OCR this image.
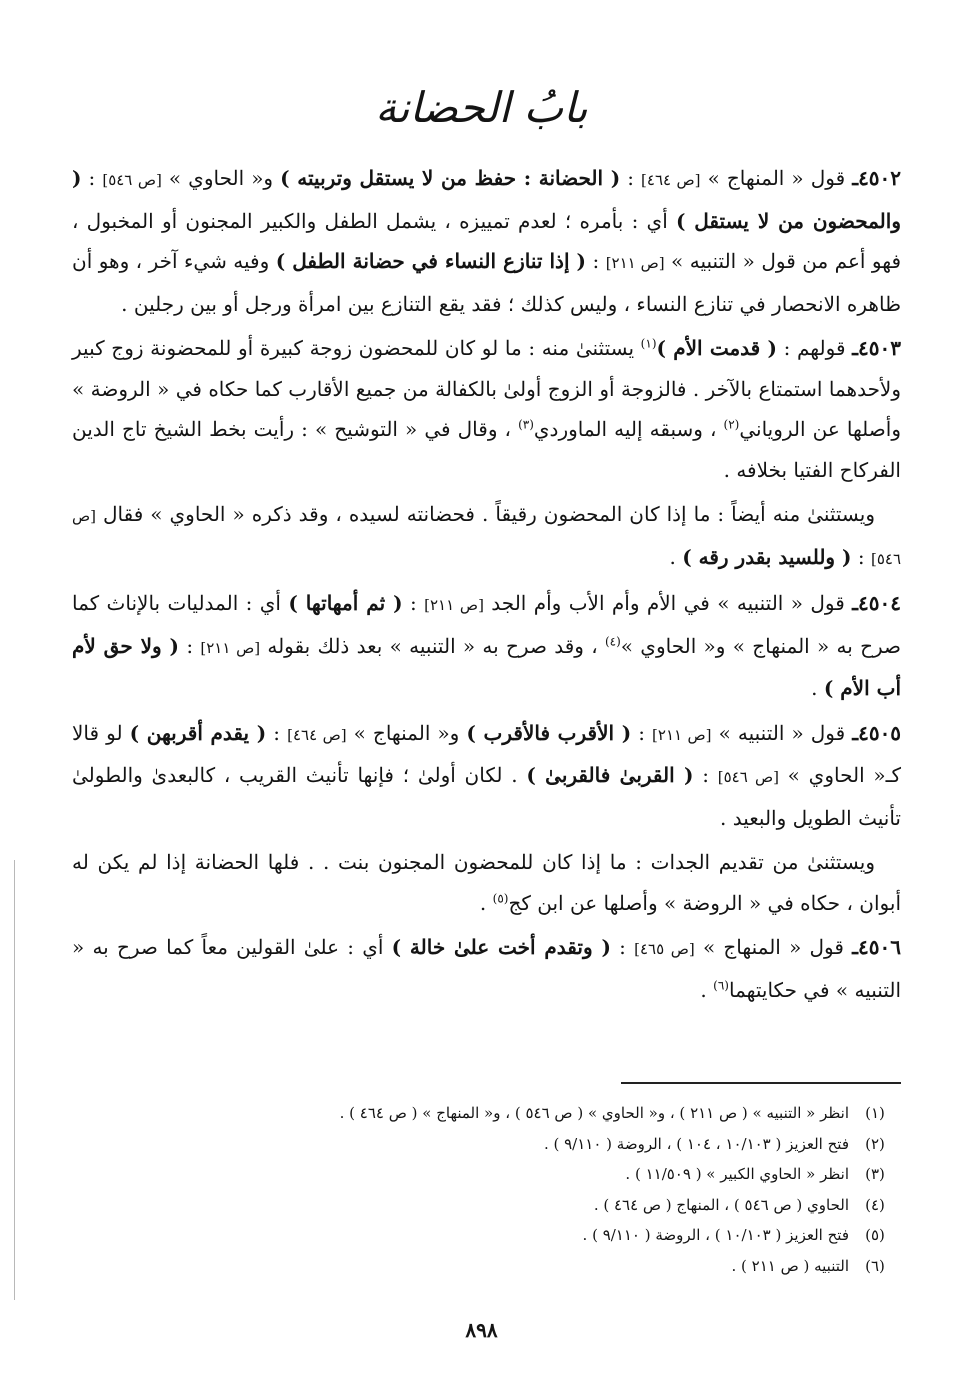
بابُ الحضانة

٤٥٠٢ـ قول « المنهاج » [ص ٤٦٤] : ( الحضانة : حفظ من لا يستقل وتربيته ) و« الحاوي » [ص ٥٤٦] : ( والمحضون من لا يستقل ) أي : بأمره ؛ لعدم تمييزه ، يشمل الطفل والكبير المجنون أو المخبول ، فهو أعم من قول « التنبيه » [ص ٢١١] : ( إذا تنازع النساء في حضانة الطفل ) وفيه شيء آخر ، وهو أن ظاهره الانحصار في تنازع النساء ، وليس كذلك ؛ فقد يقع التنازع بين امرأة ورجل أو بين رجلين .

٤٥٠٣ـ قولهم : ( قدمت الأم )$^{(١)}$ يستثنىٰ منه : ما لو كان للمحضون زوجة كبيرة أو للمحضونة زوج كبير ولأحدهما استمتاع بالآخر . فالزوجة أو الزوج أولىٰ بالكفالة من جميع الأقارب كما حكاه في « الروضة » وأصلها عن الروياني$^{(٢)}$ ، وسبقه إليه الماوردي$^{(٣)}$ ، وقال في « التوشيح » : رأيت بخط الشيخ تاج الدين الفركاح الفتيا بخلافه .

ويستثنىٰ منه أيضاً : ما إذا كان المحضون رقيقاً . فحضانته لسيده ، وقد ذكره « الحاوي » فقال [ص ٥٤٦] : ( وللسيد بقدر رقه ) .

٤٥٠٤ـ قول « التنبيه » في الأم وأم الأب وأم الجد [ص ٢١١] : ( ثم أمهاتها ) أي : المدليات بالإناث كما صرح به « المنهاج » و« الحاوي »$^{(٤)}$ ، وقد صرح به « التنبيه » بعد ذلك بقوله [ص ٢١١] : ( ولا حق لأم أب الأم ) .

٤٥٠٥ـ قول « التنبيه » [ص ٢١١] : ( الأقرب فالأقرب ) و« المنهاج » [ص ٤٦٤] : ( يقدم أقربهن ) لو قالا كـ« الحاوي » [ص ٥٤٦] : ( القربىٰ فالقربىٰ ) . لكان أولىٰ ؛ فإنها تأنيث القريب ، كالبعدىٰ والطولىٰ تأنيث الطويل والبعيد .

ويستثنىٰ من تقديم الجدات : ما إذا كان للمحضون المجنون بنت . . فلها الحضانة إذا لم يكن له أبوان ، حكاه في « الروضة » وأصلها عن ابن كج$^{(٥)}$ .

٤٥٠٦ـ قول « المنهاج » [ص ٤٦٥] : ( وتقدم أخت علىٰ خالة ) أي : علىٰ القولين معاً كما صرح به « التنبيه » في حكايتهما$^{(٦)}$ .

(١)
انظر « التنبيه » ( ص ٢١١ ) ، و« الحاوي » ( ص ٥٤٦ ) ، و« المنهاج » ( ص ٤٦٤ ) .
(٢)
فتح العزيز ( ١٠/١٠٣ ، ١٠٤ ) ، الروضة ( ٩/١١٠ ) .
(٣)
انظر « الحاوي الكبير » ( ١١/٥٠٩ ) .
(٤)
الحاوي ( ص ٥٤٦ ) ، المنهاج ( ص ٤٦٤ ) .
(٥)
فتح العزيز ( ١٠/١٠٣ ) ، الروضة ( ٩/١١٠ ) .
(٦)
التنبيه ( ص ٢١١ ) .
٨٩٨
